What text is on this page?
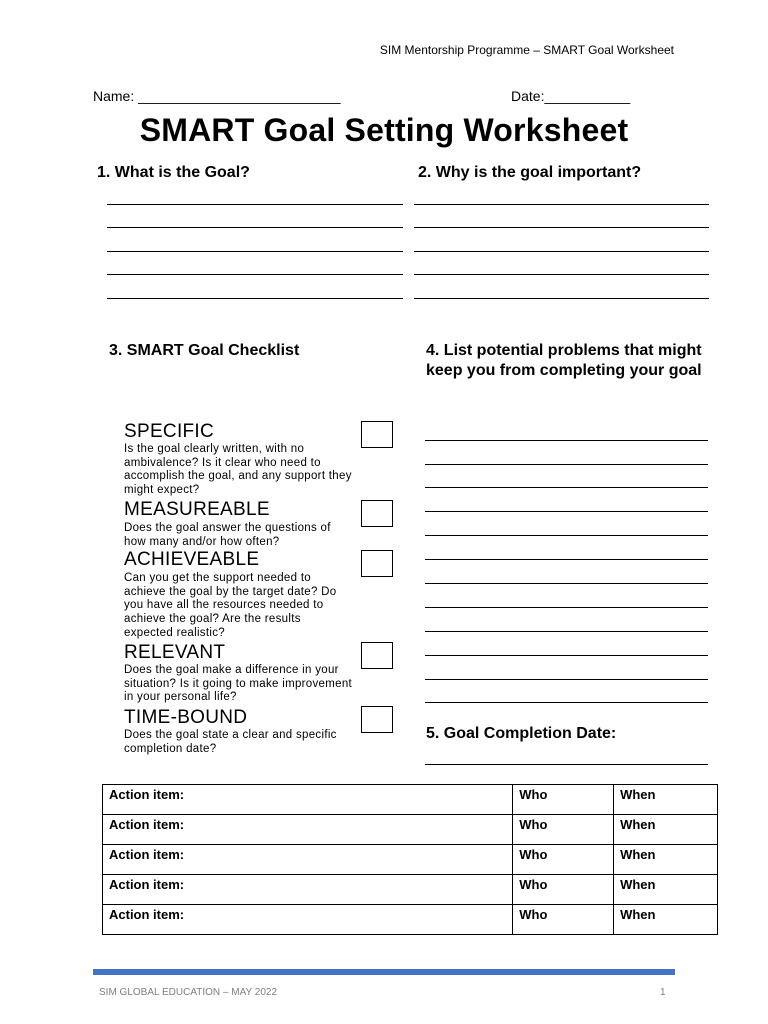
SIM Mentorship Programme – SMART Goal Worksheet
Name: __________________________	Date:___________
SMART Goal Setting Worksheet
1. What is the Goal?	2. Why is the goal important?
3. SMART Goal Checklist
SPECIFIC
Is the goal clearly written, with no ambivalence? Is it clear who need to accomplish the goal, and any support they might expect?
MEASUREABLE
Does the goal answer the questions of how many and/or how often?
ACHIEVEABLE
Can you get the support needed to achieve the goal by the target date? Do you have all the resources needed to achieve the goal? Are the results expected realistic?
RELEVANT
Does the goal make a difference in your situation? Is it going to make improvement in your personal life?
TIME-BOUND
Does the goal state a clear and specific completion date?
4. List potential problems that might keep you from completing your goal
5. Goal Completion Date:
Action item:	Who	When
Action item:	Who	When
Action item:	Who	When
Action item:	Who	When
Action item:	Who	When
SIM GLOBAL EDUCATION – MAY 2022	1
